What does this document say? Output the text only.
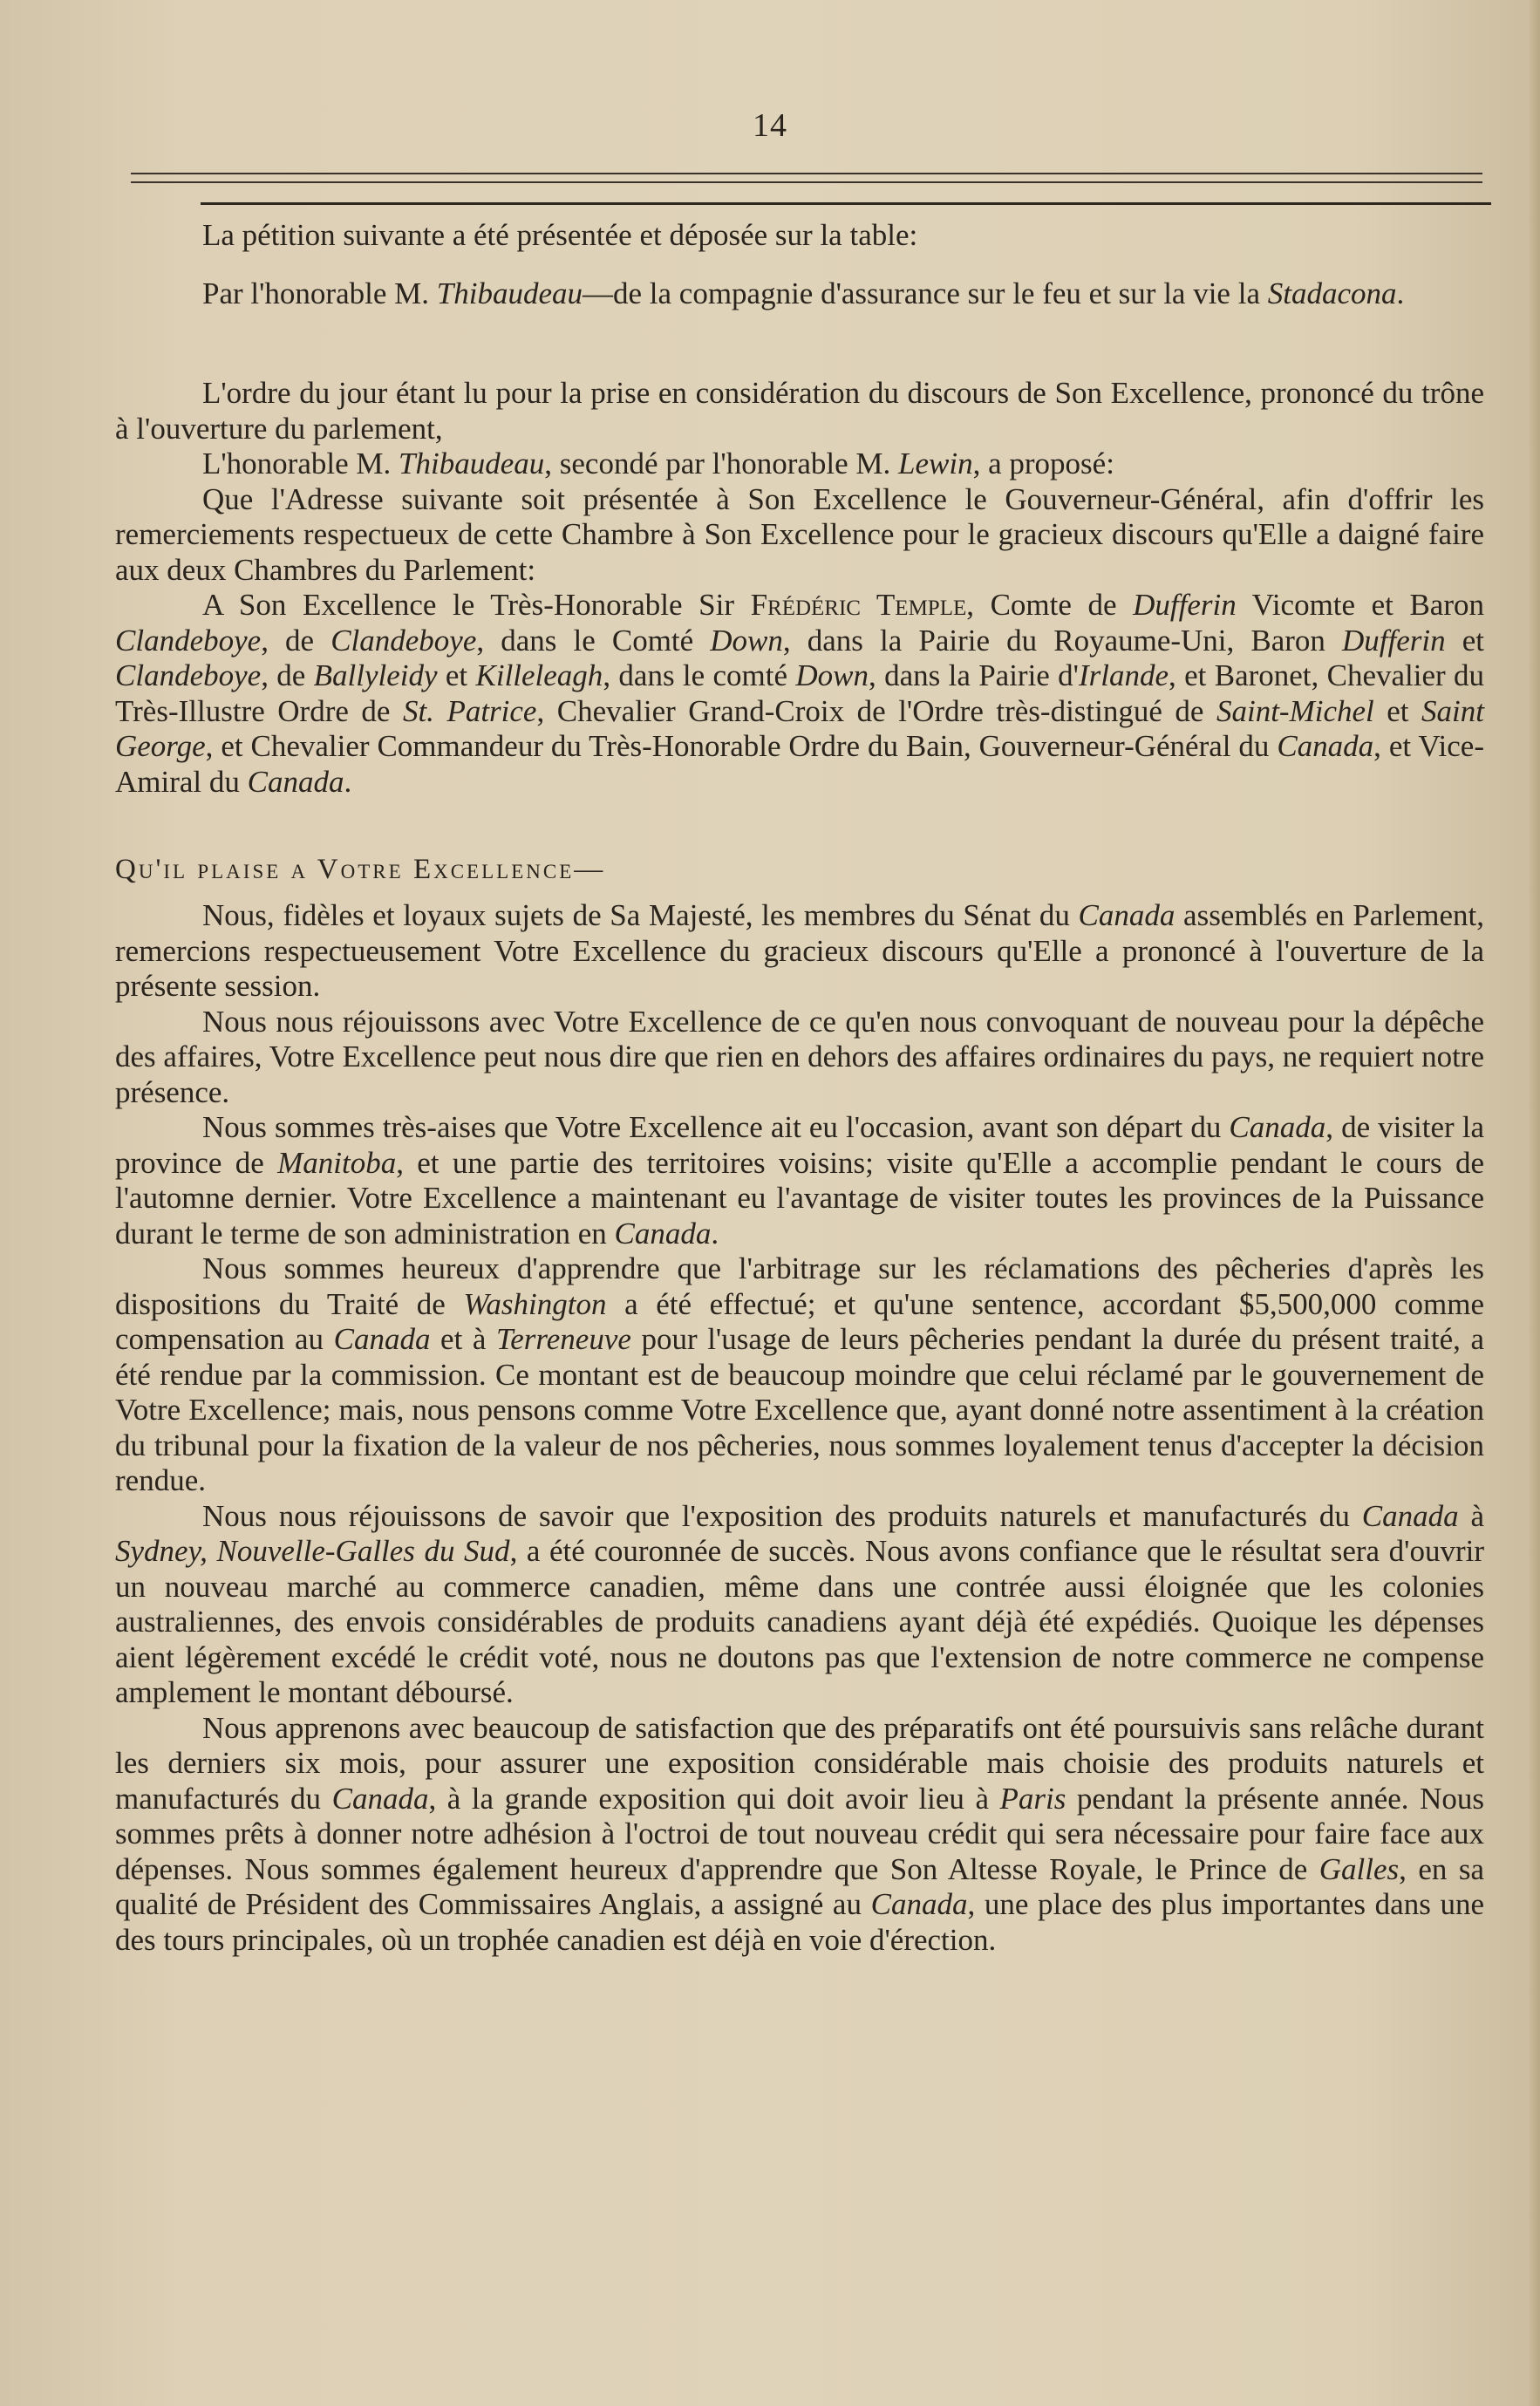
14

La pétition suivante a été présentée et déposée sur la table:

Par l'honorable M. Thibaudeau—de la compagnie d'assurance sur le feu et sur la vie la Stadacona.

L'ordre du jour étant lu pour la prise en considération du discours de Son Excellence, prononcé du trône à l'ouverture du parlement,

L'honorable M. Thibaudeau, secondé par l'honorable M. Lewin, a proposé:

Que l'Adresse suivante soit présentée à Son Excellence le Gouverneur-Général, afin d'offrir les remerciements respectueux de cette Chambre à Son Excellence pour le gracieux discours qu'Elle a daigné faire aux deux Chambres du Parlement:

A Son Excellence le Très-Honorable Sir Frédéric Temple, Comte de Dufferin Vicomte et Baron Clandeboye, de Clandeboye, dans le Comté Down, dans la Pairie du Royaume-Uni, Baron Dufferin et Clandeboye, de Ballyleidy et Killeleagh, dans le comté Down, dans la Pairie d'Irlande, et Baronet, Chevalier du Très-Illustre Ordre de St. Patrice, Chevalier Grand-Croix de l'Ordre très-distingué de Saint-Michel et Saint George, et Chevalier Commandeur du Très-Honorable Ordre du Bain, Gouverneur-Général du Canada, et Vice-Amiral du Canada.

Qu'il plaise a Votre Excellence—

Nous, fidèles et loyaux sujets de Sa Majesté, les membres du Sénat du Canada assemblés en Parlement, remercions respectueusement Votre Excellence du gracieux discours qu'Elle a prononcé à l'ouverture de la présente session.

Nous nous réjouissons avec Votre Excellence de ce qu'en nous convoquant de nouveau pour la dépêche des affaires, Votre Excellence peut nous dire que rien en dehors des affaires ordinaires du pays, ne requiert notre présence.

Nous sommes très-aises que Votre Excellence ait eu l'occasion, avant son départ du Canada, de visiter la province de Manitoba, et une partie des territoires voisins; visite qu'Elle a accomplie pendant le cours de l'automne dernier. Votre Excellence a maintenant eu l'avantage de visiter toutes les provinces de la Puissance durant le terme de son administration en Canada.

Nous sommes heureux d'apprendre que l'arbitrage sur les réclamations des pêcheries d'après les dispositions du Traité de Washington a été effectué; et qu'une sentence, accordant $5,500,000 comme compensation au Canada et à Terreneuve pour l'usage de leurs pêcheries pendant la durée du présent traité, a été rendue par la commission. Ce montant est de beaucoup moindre que celui réclamé par le gouvernement de Votre Excellence; mais, nous pensons comme Votre Excellence que, ayant donné notre assentiment à la création du tribunal pour la fixation de la valeur de nos pêcheries, nous sommes loyalement tenus d'accepter la décision rendue.

Nous nous réjouissons de savoir que l'exposition des produits naturels et manufacturés du Canada à Sydney, Nouvelle-Galles du Sud, a été couronnée de succès. Nous avons confiance que le résultat sera d'ouvrir un nouveau marché au commerce canadien, même dans une contrée aussi éloignée que les colonies australiennes, des envois considérables de produits canadiens ayant déjà été expédiés. Quoique les dépenses aient légèrement excédé le crédit voté, nous ne doutons pas que l'extension de notre commerce ne compense amplement le montant déboursé.

Nous apprenons avec beaucoup de satisfaction que des préparatifs ont été poursuivis sans relâche durant les derniers six mois, pour assurer une exposition considérable mais choisie des produits naturels et manufacturés du Canada, à la grande exposition qui doit avoir lieu à Paris pendant la présente année. Nous sommes prêts à donner notre adhésion à l'octroi de tout nouveau crédit qui sera nécessaire pour faire face aux dépenses. Nous sommes également heureux d'apprendre que Son Altesse Royale, le Prince de Galles, en sa qualité de Président des Commissaires Anglais, a assigné au Canada, une place des plus importantes dans une des tours principales, où un trophée canadien est déjà en voie d'érection.
